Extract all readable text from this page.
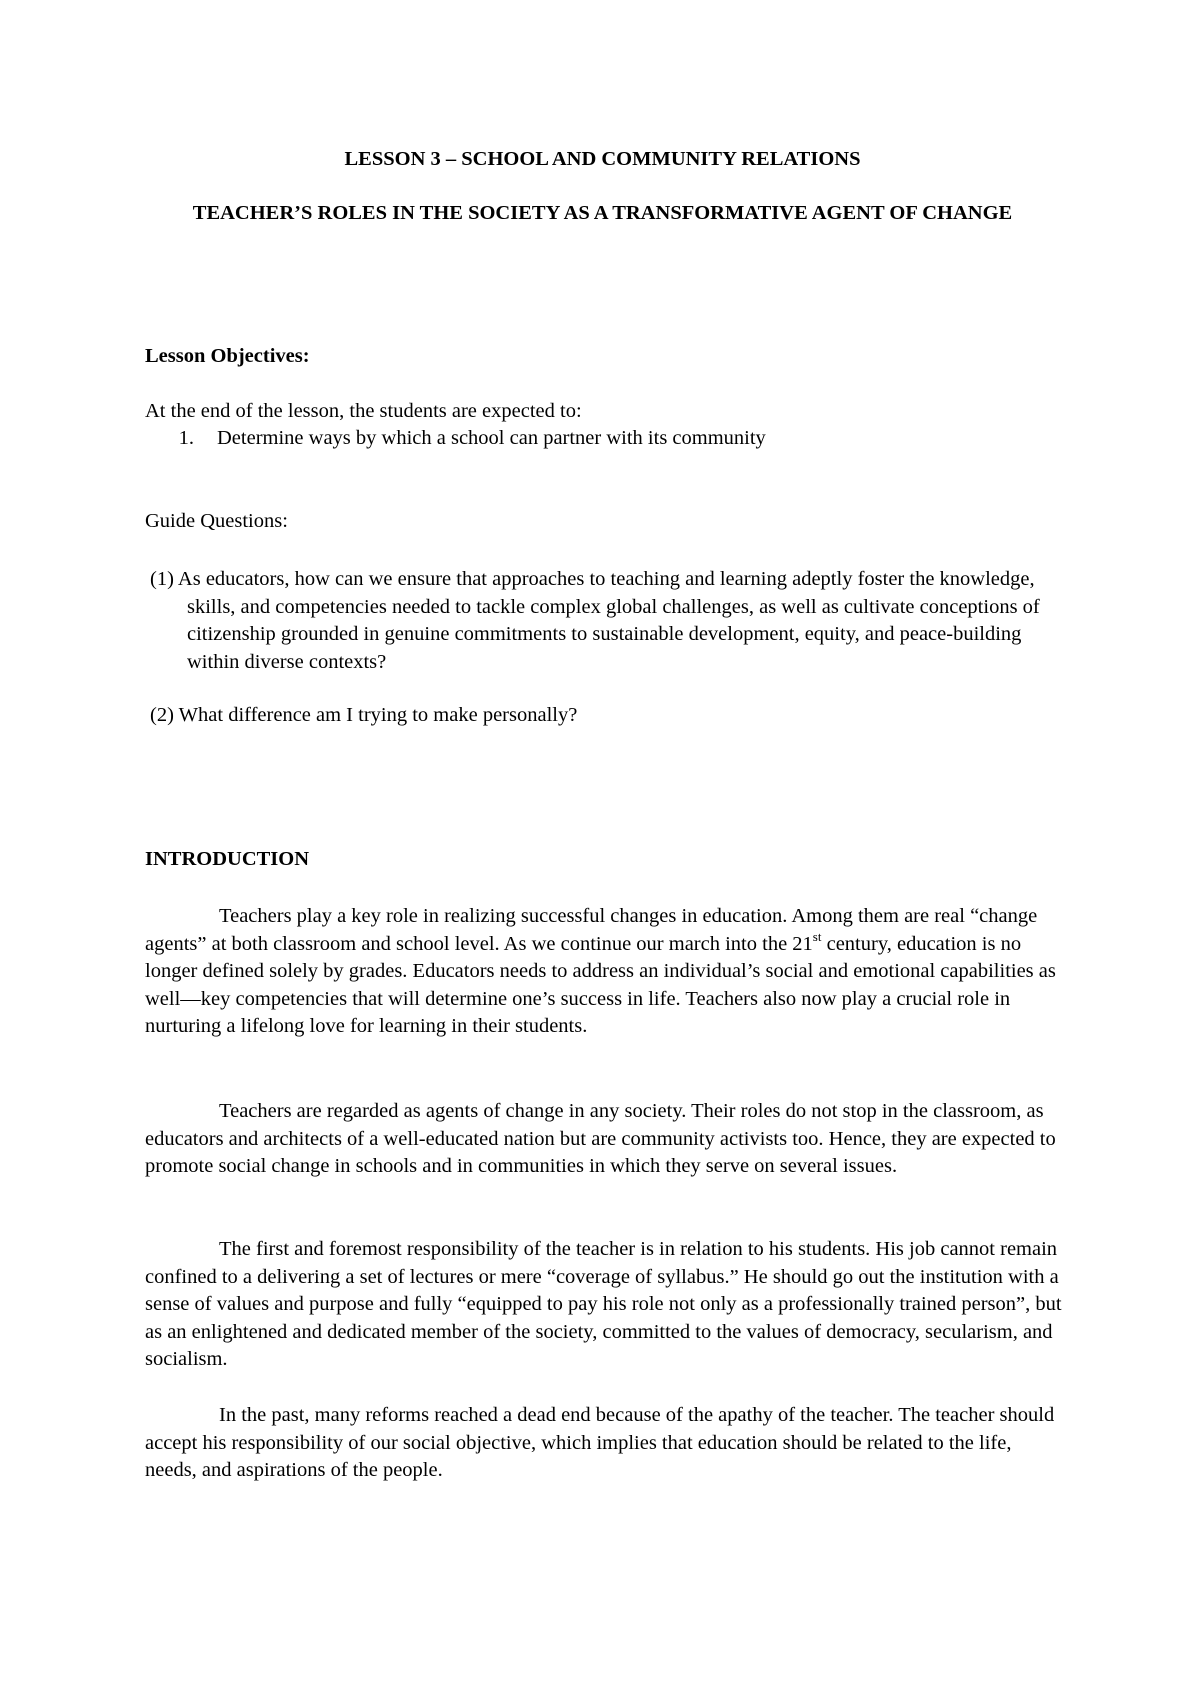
LESSON 3 – SCHOOL AND COMMUNITY RELATIONS
TEACHER’S ROLES IN THE SOCIETY AS A TRANSFORMATIVE AGENT OF CHANGE
Lesson Objectives:
At the end of the lesson, the students are expected to:
1. Determine ways by which a school can partner with its community
Guide Questions:
(1) As educators, how can we ensure that approaches to teaching and learning adeptly foster the knowledge, skills, and competencies needed to tackle complex global challenges, as well as cultivate conceptions of citizenship grounded in genuine commitments to sustainable development, equity, and peace-building within diverse contexts?
(2) What difference am I trying to make personally?
INTRODUCTION

Teachers play a key role in realizing successful changes in education. Among them are real “change agents” at both classroom and school level. As we continue our march into the 21st century, education is no longer defined solely by grades. Educators needs to address an individual’s social and emotional capabilities as well—key competencies that will determine one’s success in life. Teachers also now play a crucial role in nurturing a lifelong love for learning in their students.

Teachers are regarded as agents of change in any society. Their roles do not stop in the classroom, as educators and architects of a well-educated nation but are community activists too. Hence, they are expected to promote social change in schools and in communities in which they serve on several issues.

The first and foremost responsibility of the teacher is in relation to his students. His job cannot remain confined to a delivering a set of lectures or mere “coverage of syllabus.” He should go out the institution with a sense of values and purpose and fully “equipped to pay his role not only as a professionally trained person”, but as an enlightened and dedicated member of the society, committed to the values of democracy, secularism, and socialism.

In the past, many reforms reached a dead end because of the apathy of the teacher. The teacher should accept his responsibility of our social objective, which implies that education should be related to the life, needs, and aspirations of the people.
